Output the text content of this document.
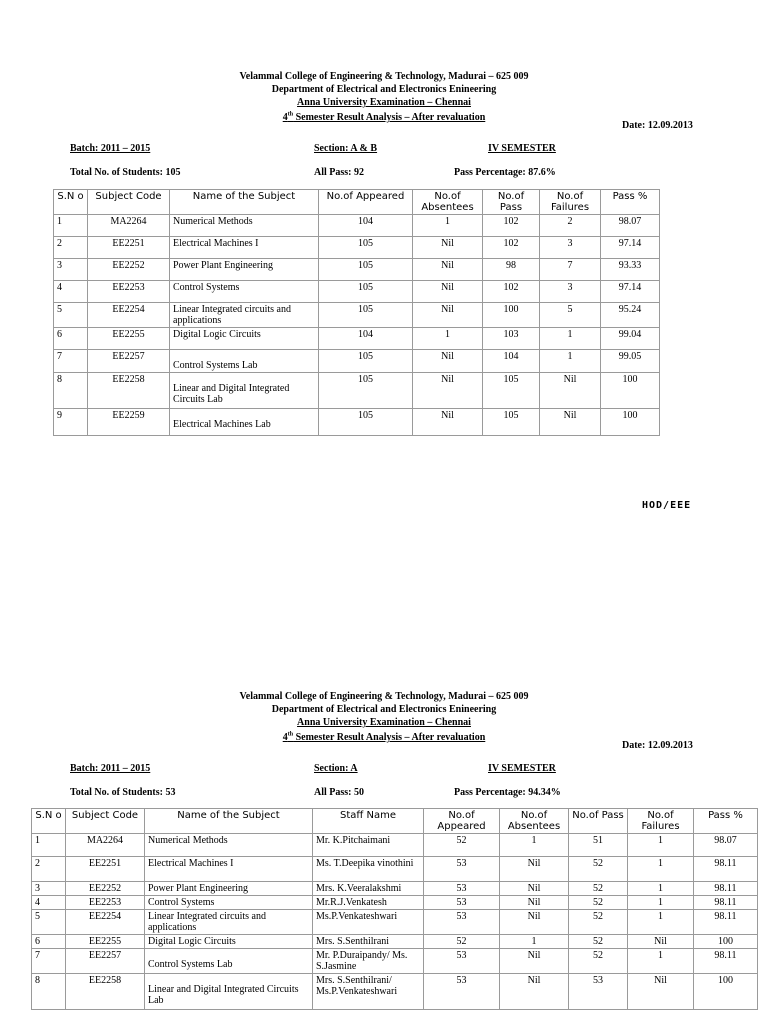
Velammal College of Engineering & Technology, Madurai – 625 009
Department of Electrical and Electronics Enineering
Anna University Examination – Chennai
4th Semester Result Analysis – After revaluation
Date: 12.09.2013
Batch: 2011 – 2015	Section: A & B	IV SEMESTER
Total No. of Students: 105	All Pass: 92	Pass Percentage: 87.6%
S.N o	Subject Code	Name of the Subject	No.of Appeared	No.of Absentees	No.of Pass	No.of Failures	Pass %
1	MA2264	Numerical Methods	104	1	102	2	98.07
2	EE2251	Electrical Machines I	105	Nil	102	3	97.14
3	EE2252	Power Plant Engineering	105	Nil	98	7	93.33
4	EE2253	Control Systems	105	Nil	102	3	97.14
5	EE2254	Linear Integrated circuits and applications	105	Nil	100	5	95.24
6	EE2255	Digital Logic Circuits	104	1	103	1	99.04
7	EE2257	Control Systems Lab	105	Nil	104	1	99.05
8	EE2258	Linear and Digital Integrated Circuits Lab	105	Nil	105	Nil	100
9	EE2259	Electrical Machines Lab	105	Nil	105	Nil	100
HOD/EEE
Velammal College of Engineering & Technology, Madurai – 625 009
Department of Electrical and Electronics Enineering
Anna University Examination – Chennai
4th Semester Result Analysis – After revaluation
Date: 12.09.2013
Batch: 2011 – 2015	Section: A	IV SEMESTER
Total No. of Students: 53	All Pass: 50	Pass Percentage: 94.34%
S.N o	Subject Code	Name of the Subject	Staff Name	No.of Appeared	No.of Absentees	No.of Pass	No.of Failures	Pass %
1	MA2264	Numerical Methods	Mr. K.Pitchaimani	52	1	51	1	98.07
2	EE2251	Electrical Machines I	Ms. T.Deepika vinothini	53	Nil	52	1	98.11
3	EE2252	Power Plant Engineering	Mrs. K.Veeralakshmi	53	Nil	52	1	98.11
4	EE2253	Control Systems	Mr.R.J.Venkatesh	53	Nil	52	1	98.11
5	EE2254	Linear Integrated circuits and applications	Ms.P.Venkateshwari	53	Nil	52	1	98.11
6	EE2255	Digital Logic Circuits	Mrs. S.Senthilrani	52	1	52	Nil	100
7	EE2257	Control Systems Lab	Mr. P.Duraipandy/ Ms. S.Jasmine	53	Nil	52	1	98.11
8	EE2258	Linear and Digital Integrated Circuits Lab	Mrs. S.Senthilrani/ Ms.P.Venkateshwari	53	Nil	53	Nil	100
